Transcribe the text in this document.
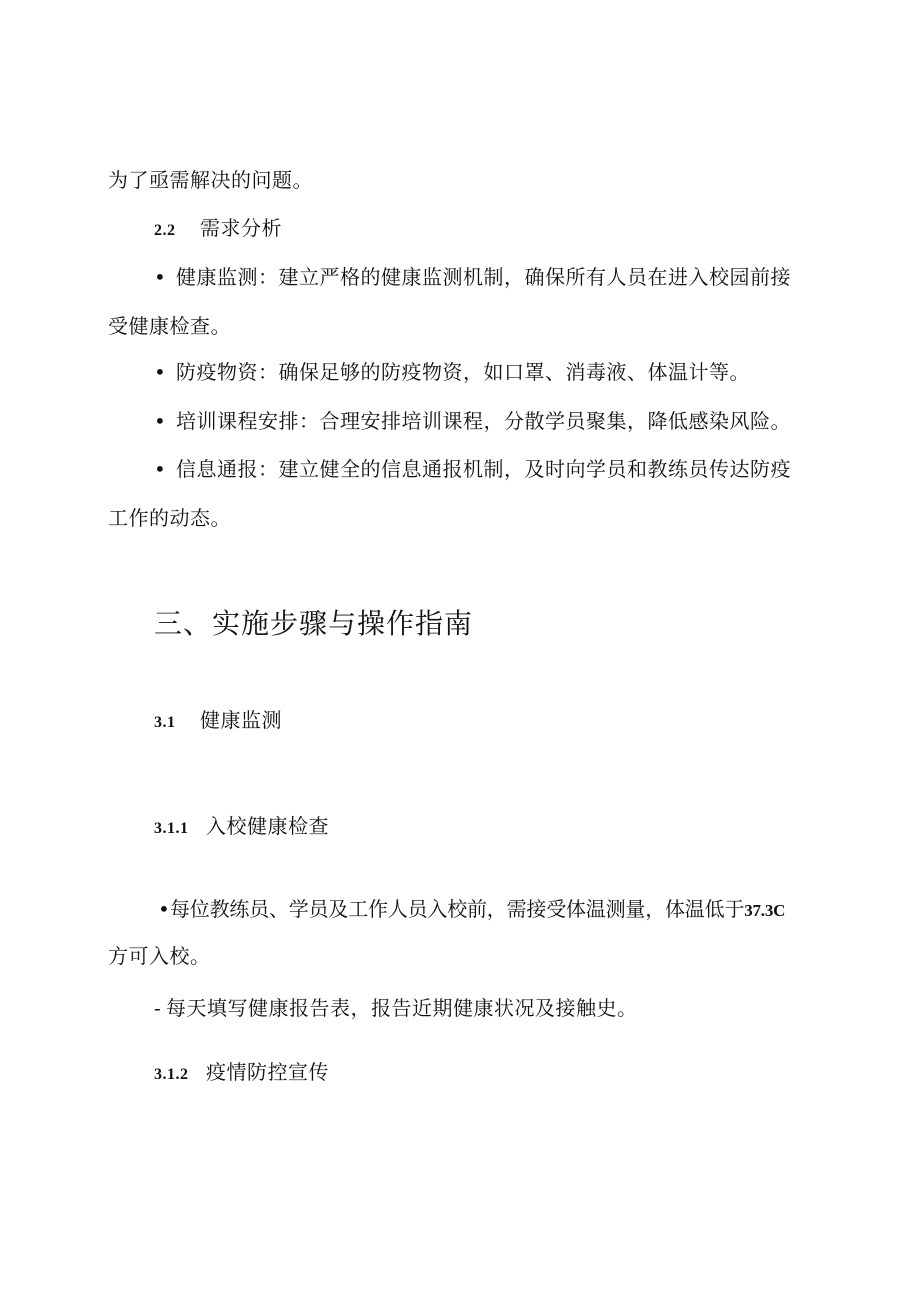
为了亟需解决的问题。
2.2 需求分析
• 健康监测：建立严格的健康监测机制，确保所有人员在进入校园前接
受健康检查。
• 防疫物资：确保足够的防疫物资，如口罩、消毒液、体温计等。
• 培训课程安排：合理安排培训课程，分散学员聚集，降低感染风险。
• 信息通报：建立健全的信息通报机制，及时向学员和教练员传达防疫
工作的动态。
三、实施步骤与操作指南
3.1 健康监测
3.1.1 入校健康检查
•每位教练员、学员及工作人员入校前，需接受体温测量，体温低于37.3C
方可入校。
- 每天填写健康报告表，报告近期健康状况及接触史。
3.1.2 疫情防控宣传
